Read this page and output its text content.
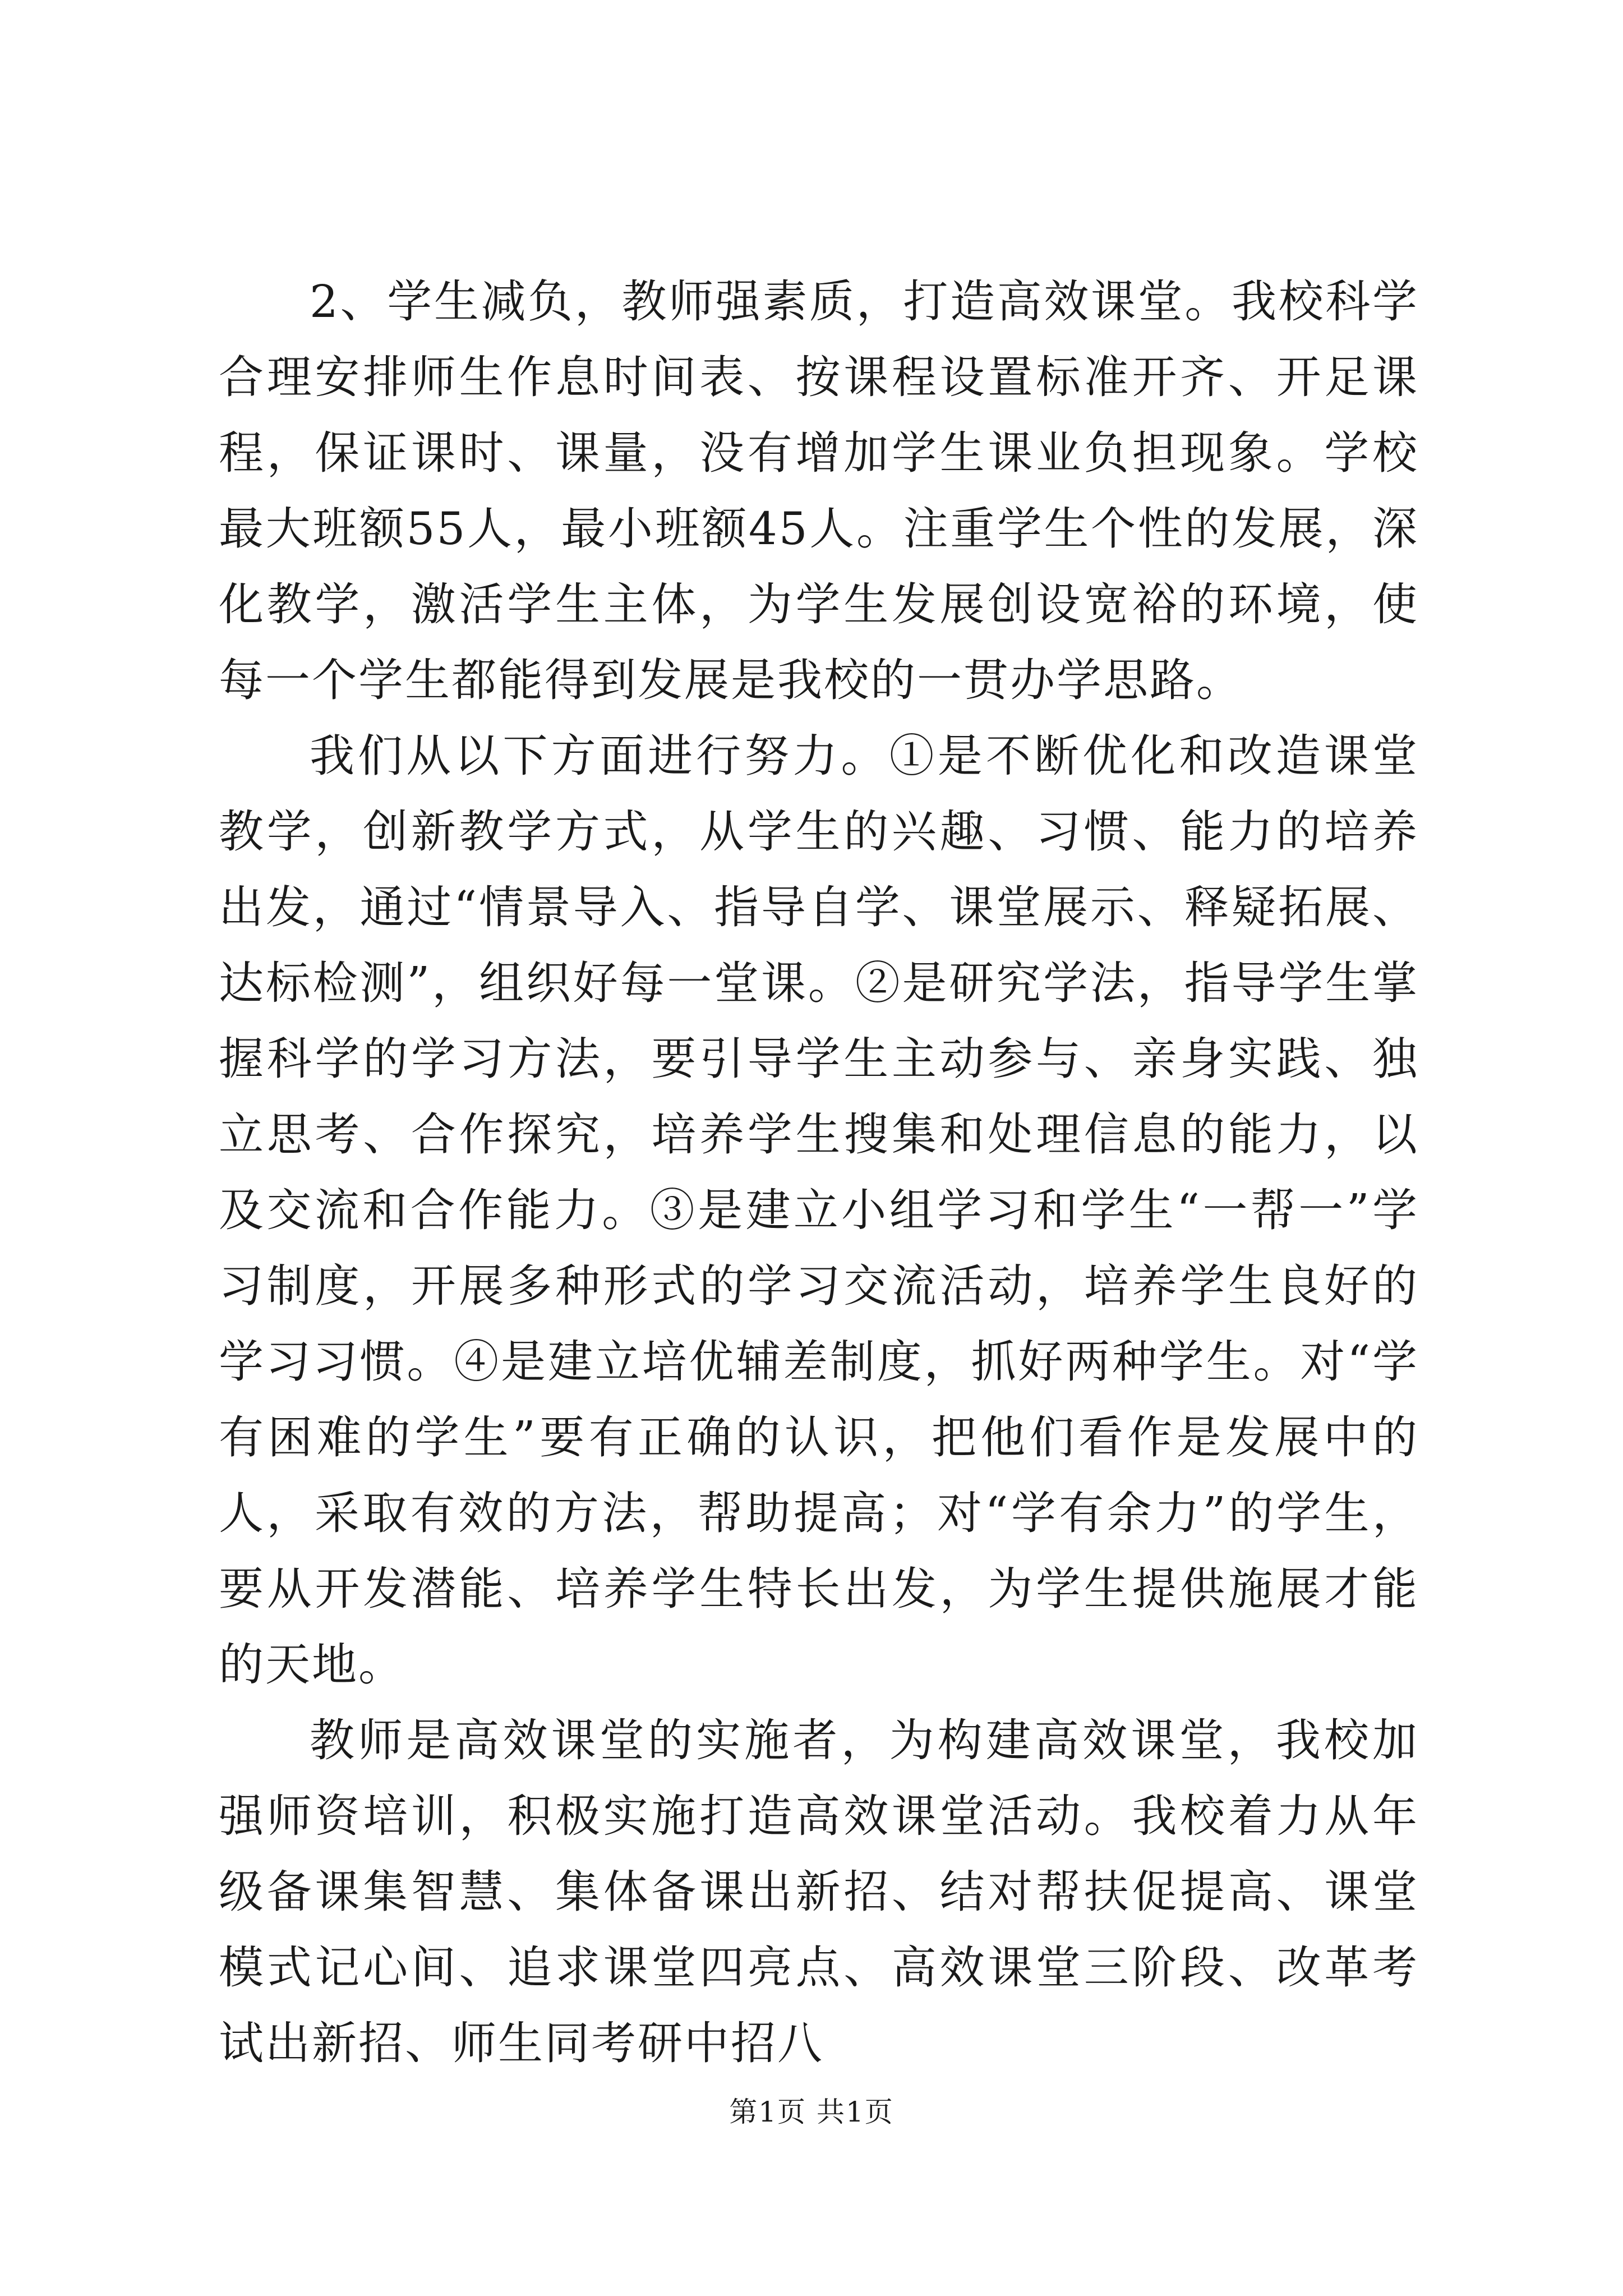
2、学生减负，教师强素质，打造高效课堂。我校科学合理安排师生作息时间表、按课程设置标准开齐、开足课程，保证课时、课量，没有增加学生课业负担现象。学校最大班额55人，最小班额45人。注重学生个性的发展，深化教学，激活学生主体，为学生发展创设宽裕的环境，使每一个学生都能得到发展是我校的一贯办学思路。

我们从以下方面进行努力。①是不断优化和改造课堂教学，创新教学方式，从学生的兴趣、习惯、能力的培养出发，通过“情景导入、指导自学、课堂展示、释疑拓展、达标检测”，组织好每一堂课。②是研究学法，指导学生掌握科学的学习方法，要引导学生主动参与、亲身实践、独立思考、合作探究，培养学生搜集和处理信息的能力，以及交流和合作能力。③是建立小组学习和学生“一帮一”学习制度，开展多种形式的学习交流活动，培养学生良好的学习习惯。④是建立培优辅差制度，抓好两种学生。对“学有困难的学生”要有正确的认识，把他们看作是发展中的人，采取有效的方法，帮助提高；对“学有余力”的学生，要从开发潜能、培养学生特长出发，为学生提供施展才能的天地。

教师是高效课堂的实施者，为构建高效课堂，我校加强师资培训，积极实施打造高效课堂活动。我校着力从年级备课集智慧、集体备课出新招、结对帮扶促提高、课堂模式记心间、追求课堂四亮点、高效课堂三阶段、改革考试出新招、师生同考研中招八

第1页 共1页
